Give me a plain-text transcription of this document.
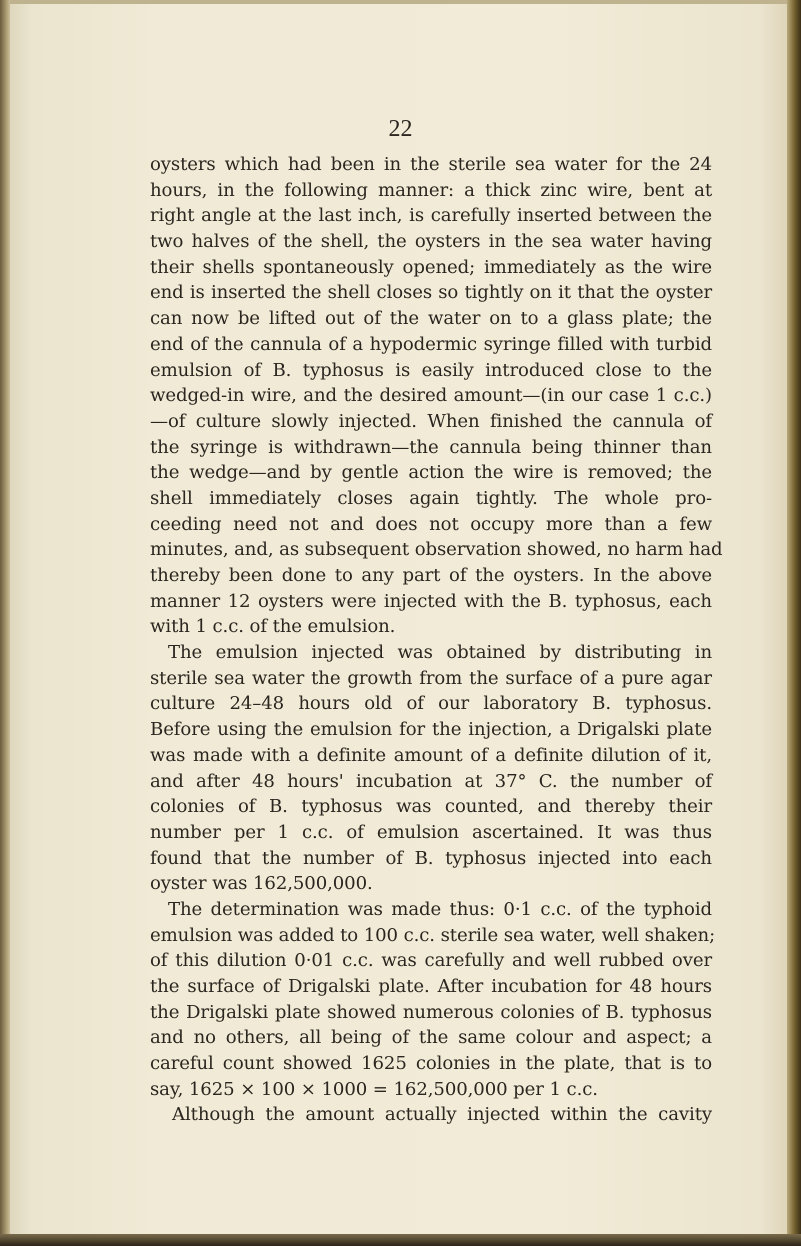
22
oysters which had been in the sterile sea water for the 24
hours, in the following manner: a thick zinc wire, bent at
right angle at the last inch, is carefully inserted between the
two halves of the shell, the oysters in the sea water having
their shells spontaneously opened; immediately as the wire
end is inserted the shell closes so tightly on it that the oyster
can now be lifted out of the water on to a glass plate; the
end of the cannula of a hypodermic syringe filled with turbid
emulsion of B. typhosus is easily introduced close to the
wedged-in wire, and the desired amount—(in our case 1 c.c.)
—of culture slowly injected. When finished the cannula of
the syringe is withdrawn—the cannula being thinner than
the wedge—and by gentle action the wire is removed; the
shell immediately closes again tightly. The whole pro-
ceeding need not and does not occupy more than a few
minutes, and, as subsequent observation showed, no harm had
thereby been done to any part of the oysters. In the above
manner 12 oysters were injected with the B. typhosus, each
with 1 c.c. of the emulsion.
The emulsion injected was obtained by distributing in
sterile sea water the growth from the surface of a pure agar
culture 24–48 hours old of our laboratory B. typhosus.
Before using the emulsion for the injection, a Drigalski plate
was made with a definite amount of a definite dilution of it,
and after 48 hours' incubation at 37° C. the number of
colonies of B. typhosus was counted, and thereby their
number per 1 c.c. of emulsion ascertained. It was thus
found that the number of B. typhosus injected into each
oyster was 162,500,000.
The determination was made thus: 0·1 c.c. of the typhoid
emulsion was added to 100 c.c. sterile sea water, well shaken;
of this dilution 0·01 c.c. was carefully and well rubbed over
the surface of Drigalski plate. After incubation for 48 hours
the Drigalski plate showed numerous colonies of B. typhosus
and no others, all being of the same colour and aspect; a
careful count showed 1625 colonies in the plate, that is to
say, 1625 × 100 × 1000 = 162,500,000 per 1 c.c.
Although the amount actually injected within the cavity
